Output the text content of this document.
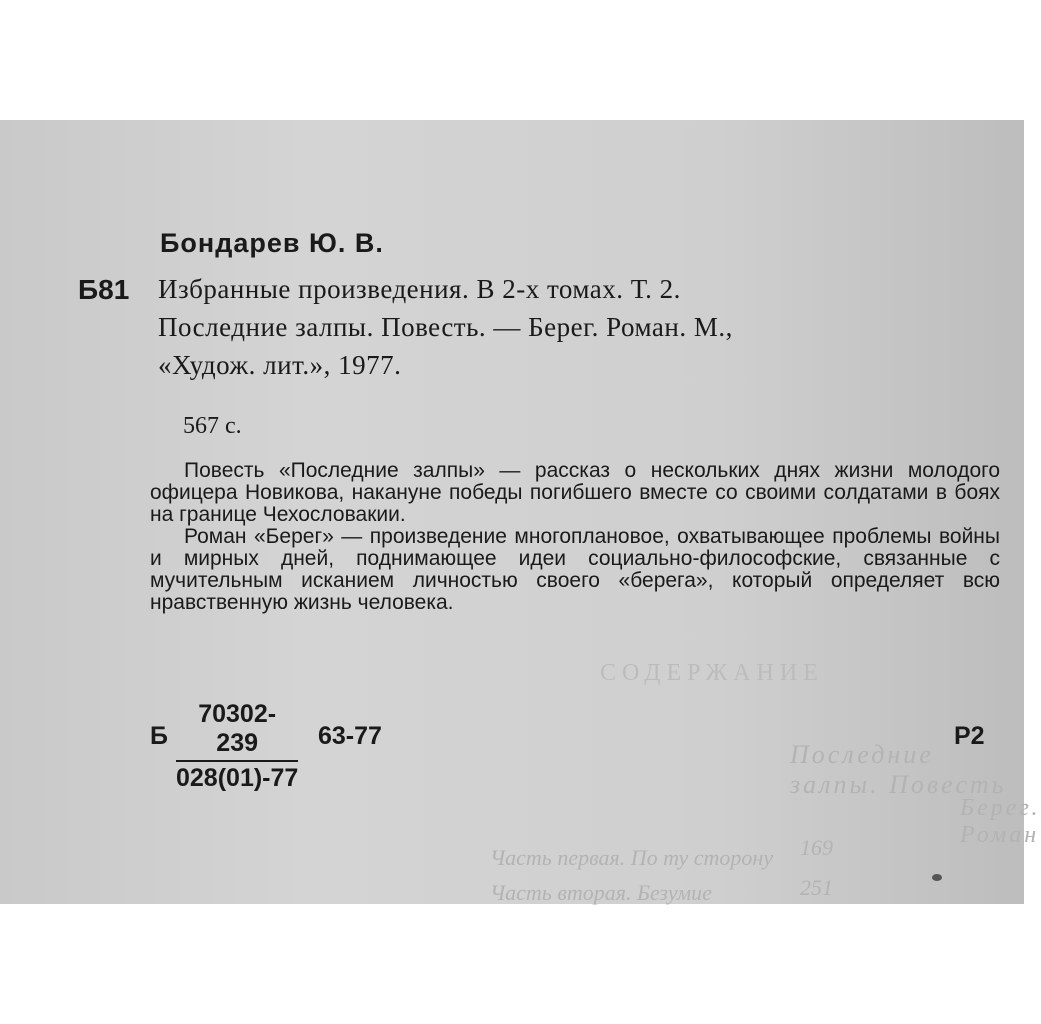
СОДЕРЖАНИЕ
Последние залпы. Повесть
Берег. Роман
169
Часть первая. По ту сторону
251
Часть вторая. Безумие
Бондарев Ю. В.
Б81 Избранные произведения. В 2-х томах. Т. 2.
Последние залпы. Повесть. — Берег. Роман. М.,
«Худож. лит.», 1977.
567 с.

Повесть «Последние залпы» — рассказ о нескольких днях жизни молодого офицера Новикова, накануне победы погибшего вместе со своими солдатами в боях на границе Чехословакии.

Роман «Берег» — произведение многоплановое, охватывающее проблемы войны и мирных дней, поднимающее идеи социально-философские, связанные с мучительным исканием личностью своего «берега», который определяет всю нравственную жизнь человека.

Б $\frac{70302-239}{028(01)-77} 63-77$	Р2
